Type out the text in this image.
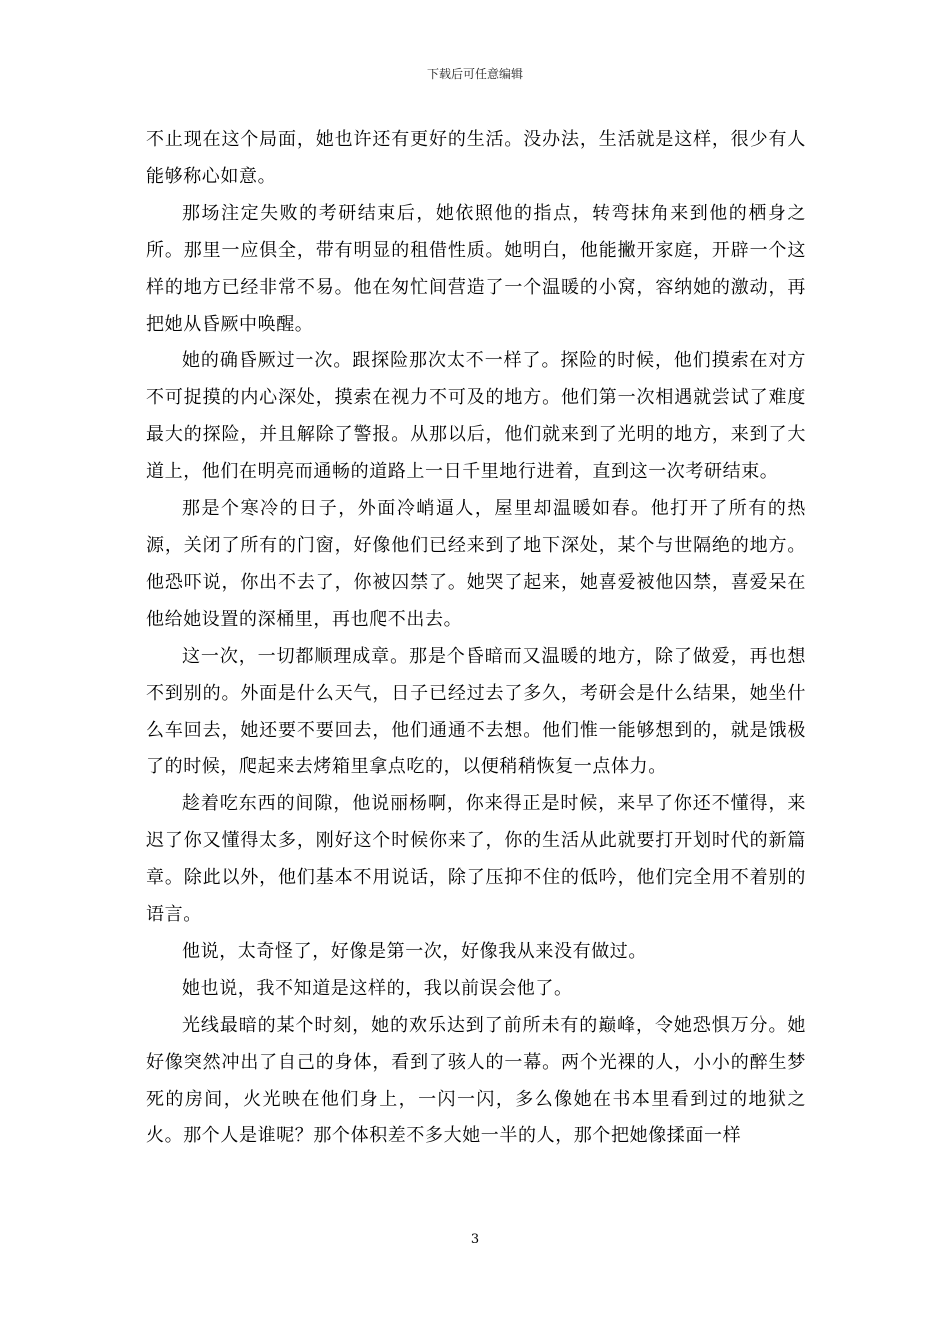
下载后可任意编辑

不止现在这个局面，她也许还有更好的生活。没办法，生活就是这样，很少有人能够称心如意。

那场注定失败的考研结束后，她依照他的指点，转弯抹角来到他的栖身之所。那里一应俱全，带有明显的租借性质。她明白，他能撇开家庭，开辟一个这样的地方已经非常不易。他在匆忙间营造了一个温暖的小窝，容纳她的激动，再把她从昏厥中唤醒。

她的确昏厥过一次。跟探险那次太不一样了。探险的时候，他们摸索在对方不可捉摸的内心深处，摸索在视力不可及的地方。他们第一次相遇就尝试了难度最大的探险，并且解除了警报。从那以后，他们就来到了光明的地方，来到了大道上，他们在明亮而通畅的道路上一日千里地行进着，直到这一次考研结束。

那是个寒冷的日子，外面冷峭逼人，屋里却温暖如春。他打开了所有的热源，关闭了所有的门窗，好像他们已经来到了地下深处，某个与世隔绝的地方。他恐吓说，你出不去了，你被囚禁了。她哭了起来，她喜爱被他囚禁，喜爱呆在他给她设置的深桶里，再也爬不出去。

这一次，一切都顺理成章。那是个昏暗而又温暖的地方，除了做爱，再也想不到别的。外面是什么天气，日子已经过去了多久，考研会是什么结果，她坐什么车回去，她还要不要回去，他们通通不去想。他们惟一能够想到的，就是饿极了的时候，爬起来去烤箱里拿点吃的，以便稍稍恢复一点体力。

趁着吃东西的间隙，他说丽杨啊，你来得正是时候，来早了你还不懂得，来迟了你又懂得太多，刚好这个时候你来了，你的生活从此就要打开划时代的新篇章。除此以外，他们基本不用说话，除了压抑不住的低吟，他们完全用不着别的语言。

他说，太奇怪了，好像是第一次，好像我从来没有做过。

她也说，我不知道是这样的，我以前误会他了。

光线最暗的某个时刻，她的欢乐达到了前所未有的巅峰，令她恐惧万分。她好像突然冲出了自己的身体，看到了骇人的一幕。两个光裸的人，小小的醉生梦死的房间，火光映在他们身上，一闪一闪，多么像她在书本里看到过的地狱之火。那个人是谁呢？那个体积差不多大她一半的人，那个把她像揉面一样

3
